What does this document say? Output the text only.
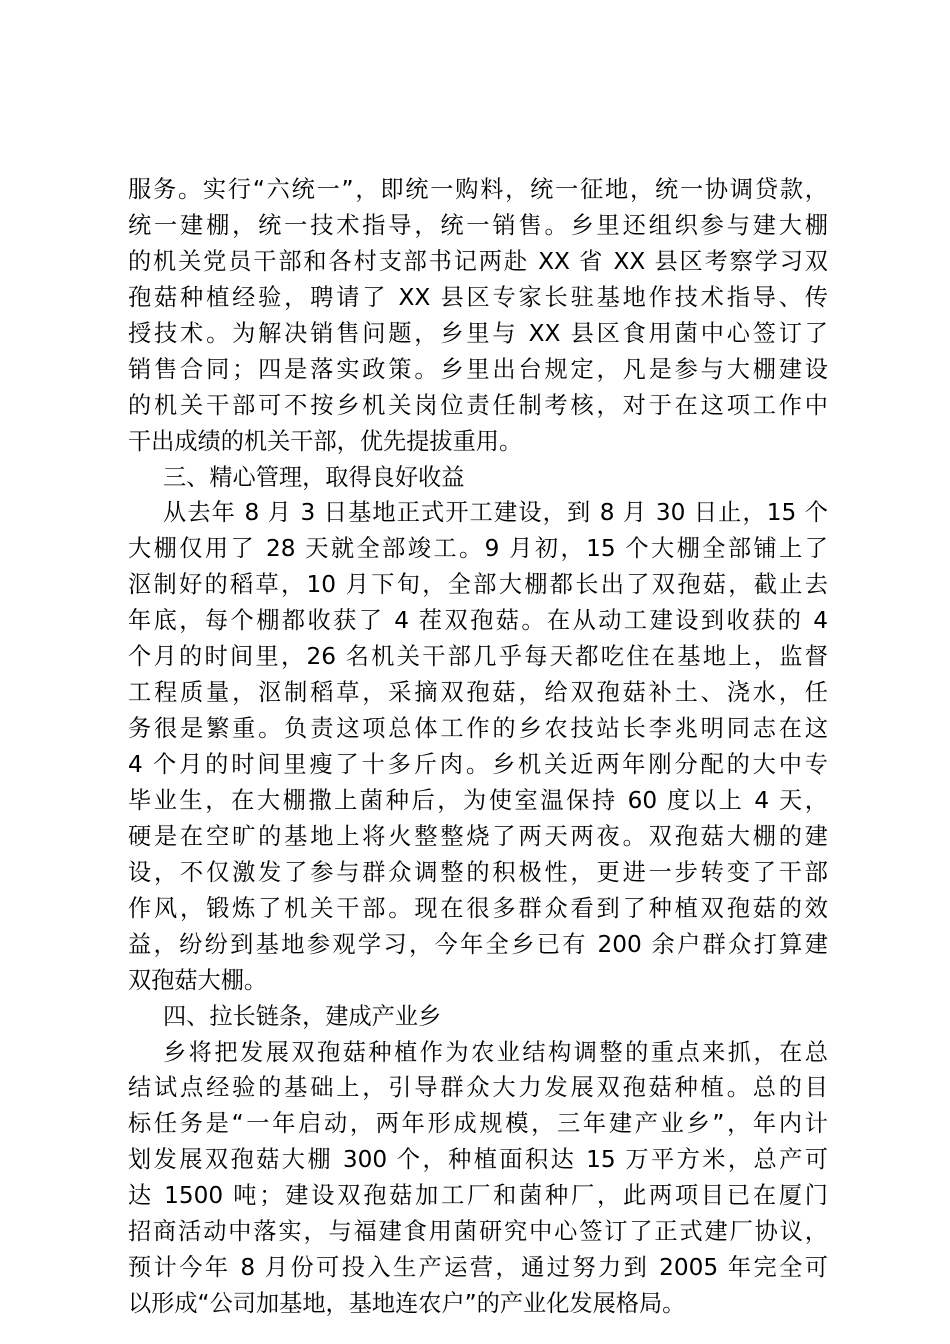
服务。实行“六统一”，即统一购料，统一征地，统一协调贷款，
统一建棚，统一技术指导，统一销售。乡里还组织参与建大棚
的机关党员干部和各村支部书记两赴 XX 省 XX 县区考察学习双
孢菇种植经验，聘请了 XX 县区专家长驻基地作技术指导、传
授技术。为解决销售问题，乡里与 XX 县区食用菌中心签订了
销售合同；四是落实政策。乡里出台规定，凡是参与大棚建设
的机关干部可不按乡机关岗位责任制考核，对于在这项工作中
干出成绩的机关干部，优先提拔重用。
三、精心管理，取得良好收益
从去年 8 月 3 日基地正式开工建设，到 8 月 30 日止，15 个
大棚仅用了 28 天就全部竣工。9 月初，15 个大棚全部铺上了
沤制好的稻草，10 月下旬，全部大棚都长出了双孢菇，截止去
年底，每个棚都收获了 4 茬双孢菇。在从动工建设到收获的 4
个月的时间里，26 名机关干部几乎每天都吃住在基地上，监督
工程质量，沤制稻草，采摘双孢菇，给双孢菇补土、浇水，任
务很是繁重。负责这项总体工作的乡农技站长李兆明同志在这
4 个月的时间里瘦了十多斤肉。乡机关近两年刚分配的大中专
毕业生，在大棚撒上菌种后，为使室温保持 60 度以上 4 天，
硬是在空旷的基地上将火整整烧了两天两夜。双孢菇大棚的建
设，不仅激发了参与群众调整的积极性，更进一步转变了干部
作风，锻炼了机关干部。现在很多群众看到了种植双孢菇的效
益，纷纷到基地参观学习，今年全乡已有 200 余户群众打算建
双孢菇大棚。
四、拉长链条，建成产业乡
乡将把发展双孢菇种植作为农业结构调整的重点来抓，在总
结试点经验的基础上，引导群众大力发展双孢菇种植。总的目
标任务是“一年启动，两年形成规模，三年建产业乡”，年内计
划发展双孢菇大棚 300 个，种植面积达 15 万平方米，总产可
达 1500 吨；建设双孢菇加工厂和菌种厂，此两项目已在厦门
招商活动中落实，与福建食用菌研究中心签订了正式建厂协议，
预计今年 8 月份可投入生产运营，通过努力到 2005 年完全可
以形成“公司加基地，基地连农户”的产业化发展格局。
